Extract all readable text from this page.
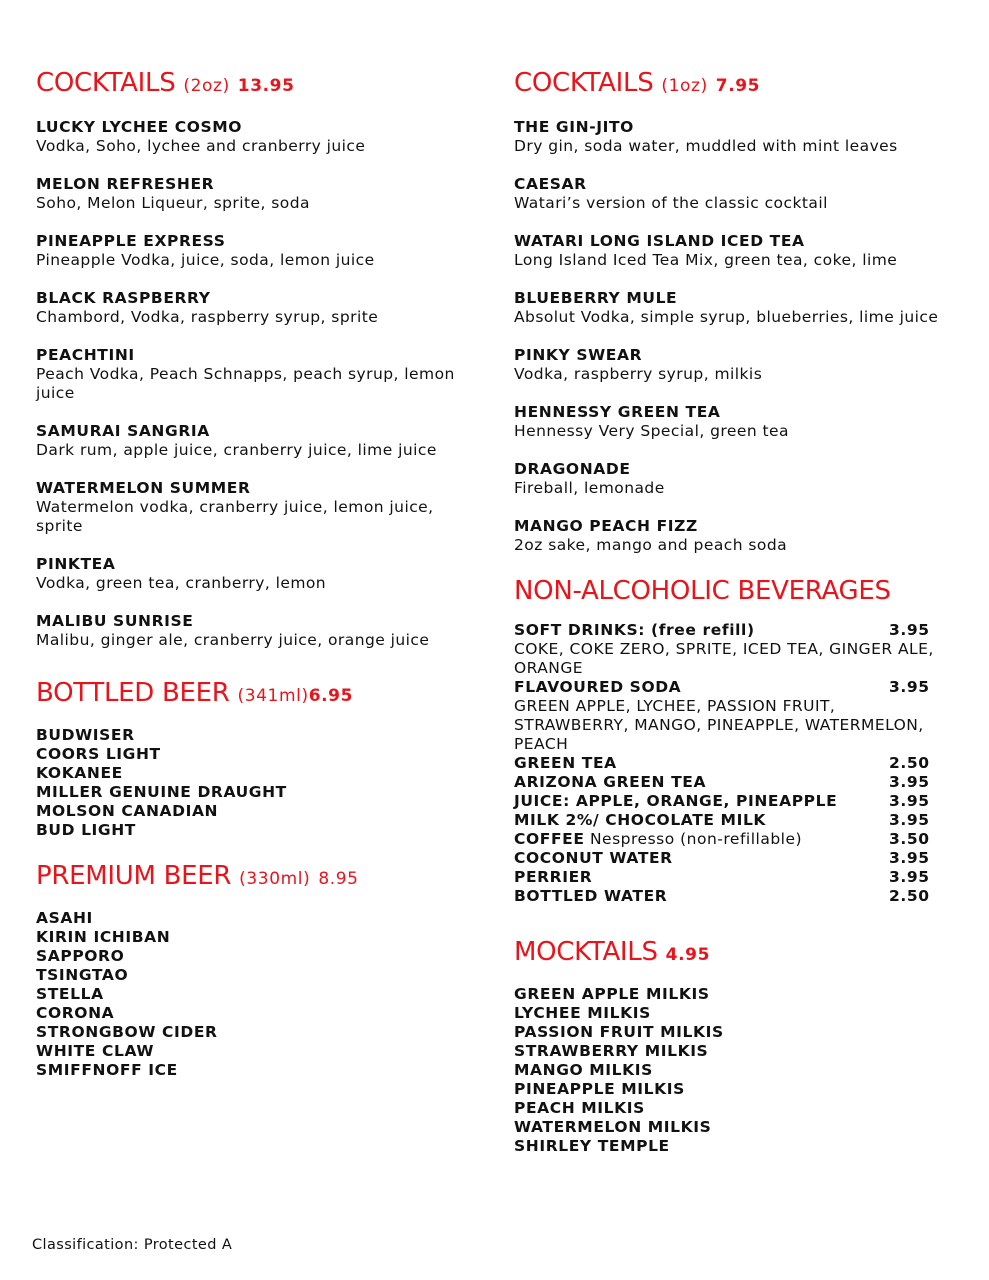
COCKTAILS (2oz) 13.95
LUCKY LYCHEE COSMO
Vodka, Soho, lychee and cranberry juice
MELON REFRESHER
Soho, Melon Liqueur, sprite, soda
PINEAPPLE EXPRESS
Pineapple Vodka, juice, soda, lemon juice
BLACK RASPBERRY
Chambord, Vodka, raspberry syrup, sprite
PEACHTINI
Peach Vodka, Peach Schnapps, peach syrup, lemon juice
SAMURAI SANGRIA
Dark rum, apple juice, cranberry juice, lime juice
WATERMELON SUMMER
Watermelon vodka, cranberry juice, lemon juice, sprite
PINKTEA
Vodka, green tea, cranberry, lemon
MALIBU SUNRISE
Malibu, ginger ale, cranberry juice, orange juice
BOTTLED BEER (341ml)6.95
BUDWISER
COORS LIGHT
KOKANEE
MILLER GENUINE DRAUGHT
MOLSON CANADIAN
BUD LIGHT
PREMIUM BEER (330ml) 8.95
ASAHI
KIRIN ICHIBAN
SAPPORO
TSINGTAO
STELLA
CORONA
STRONGBOW CIDER
WHITE CLAW
SMIFFNOFF ICE
COCKTAILS (1oz) 7.95
THE GIN-JITO
Dry gin, soda water, muddled with mint leaves
CAESAR
Watari’s version of the classic cocktail
WATARI LONG ISLAND ICED TEA
Long Island Iced Tea Mix, green tea, coke, lime
BLUEBERRY MULE
Absolut Vodka, simple syrup, blueberries, lime juice
PINKY SWEAR
Vodka, raspberry syrup, milkis
HENNESSY GREEN TEA
Hennessy Very Special, green tea
DRAGONADE
Fireball, lemonade
MANGO PEACH FIZZ
2oz sake, mango and peach soda
NON-ALCOHOLIC BEVERAGES
SOFT DRINKS: (free refill)	3.95
COKE, COKE ZERO, SPRITE, ICED TEA, GINGER ALE, ORANGE
FLAVOURED SODA	3.95
GREEN APPLE, LYCHEE, PASSION FRUIT, STRAWBERRY, MANGO, PINEAPPLE, WATERMELON, PEACH
GREEN TEA	2.50
ARIZONA GREEN TEA	3.95
JUICE: APPLE, ORANGE, PINEAPPLE	3.95
MILK 2%/ CHOCOLATE MILK	3.95
COFFEE Nespresso (non-refillable)	3.50
COCONUT WATER	3.95
PERRIER	3.95
BOTTLED WATER	2.50
MOCKTAILS 4.95
GREEN APPLE MILKIS
LYCHEE MILKIS
PASSION FRUIT MILKIS
STRAWBERRY MILKIS
MANGO MILKIS
PINEAPPLE MILKIS
PEACH MILKIS
WATERMELON MILKIS
SHIRLEY TEMPLE
Classification: Protected A
